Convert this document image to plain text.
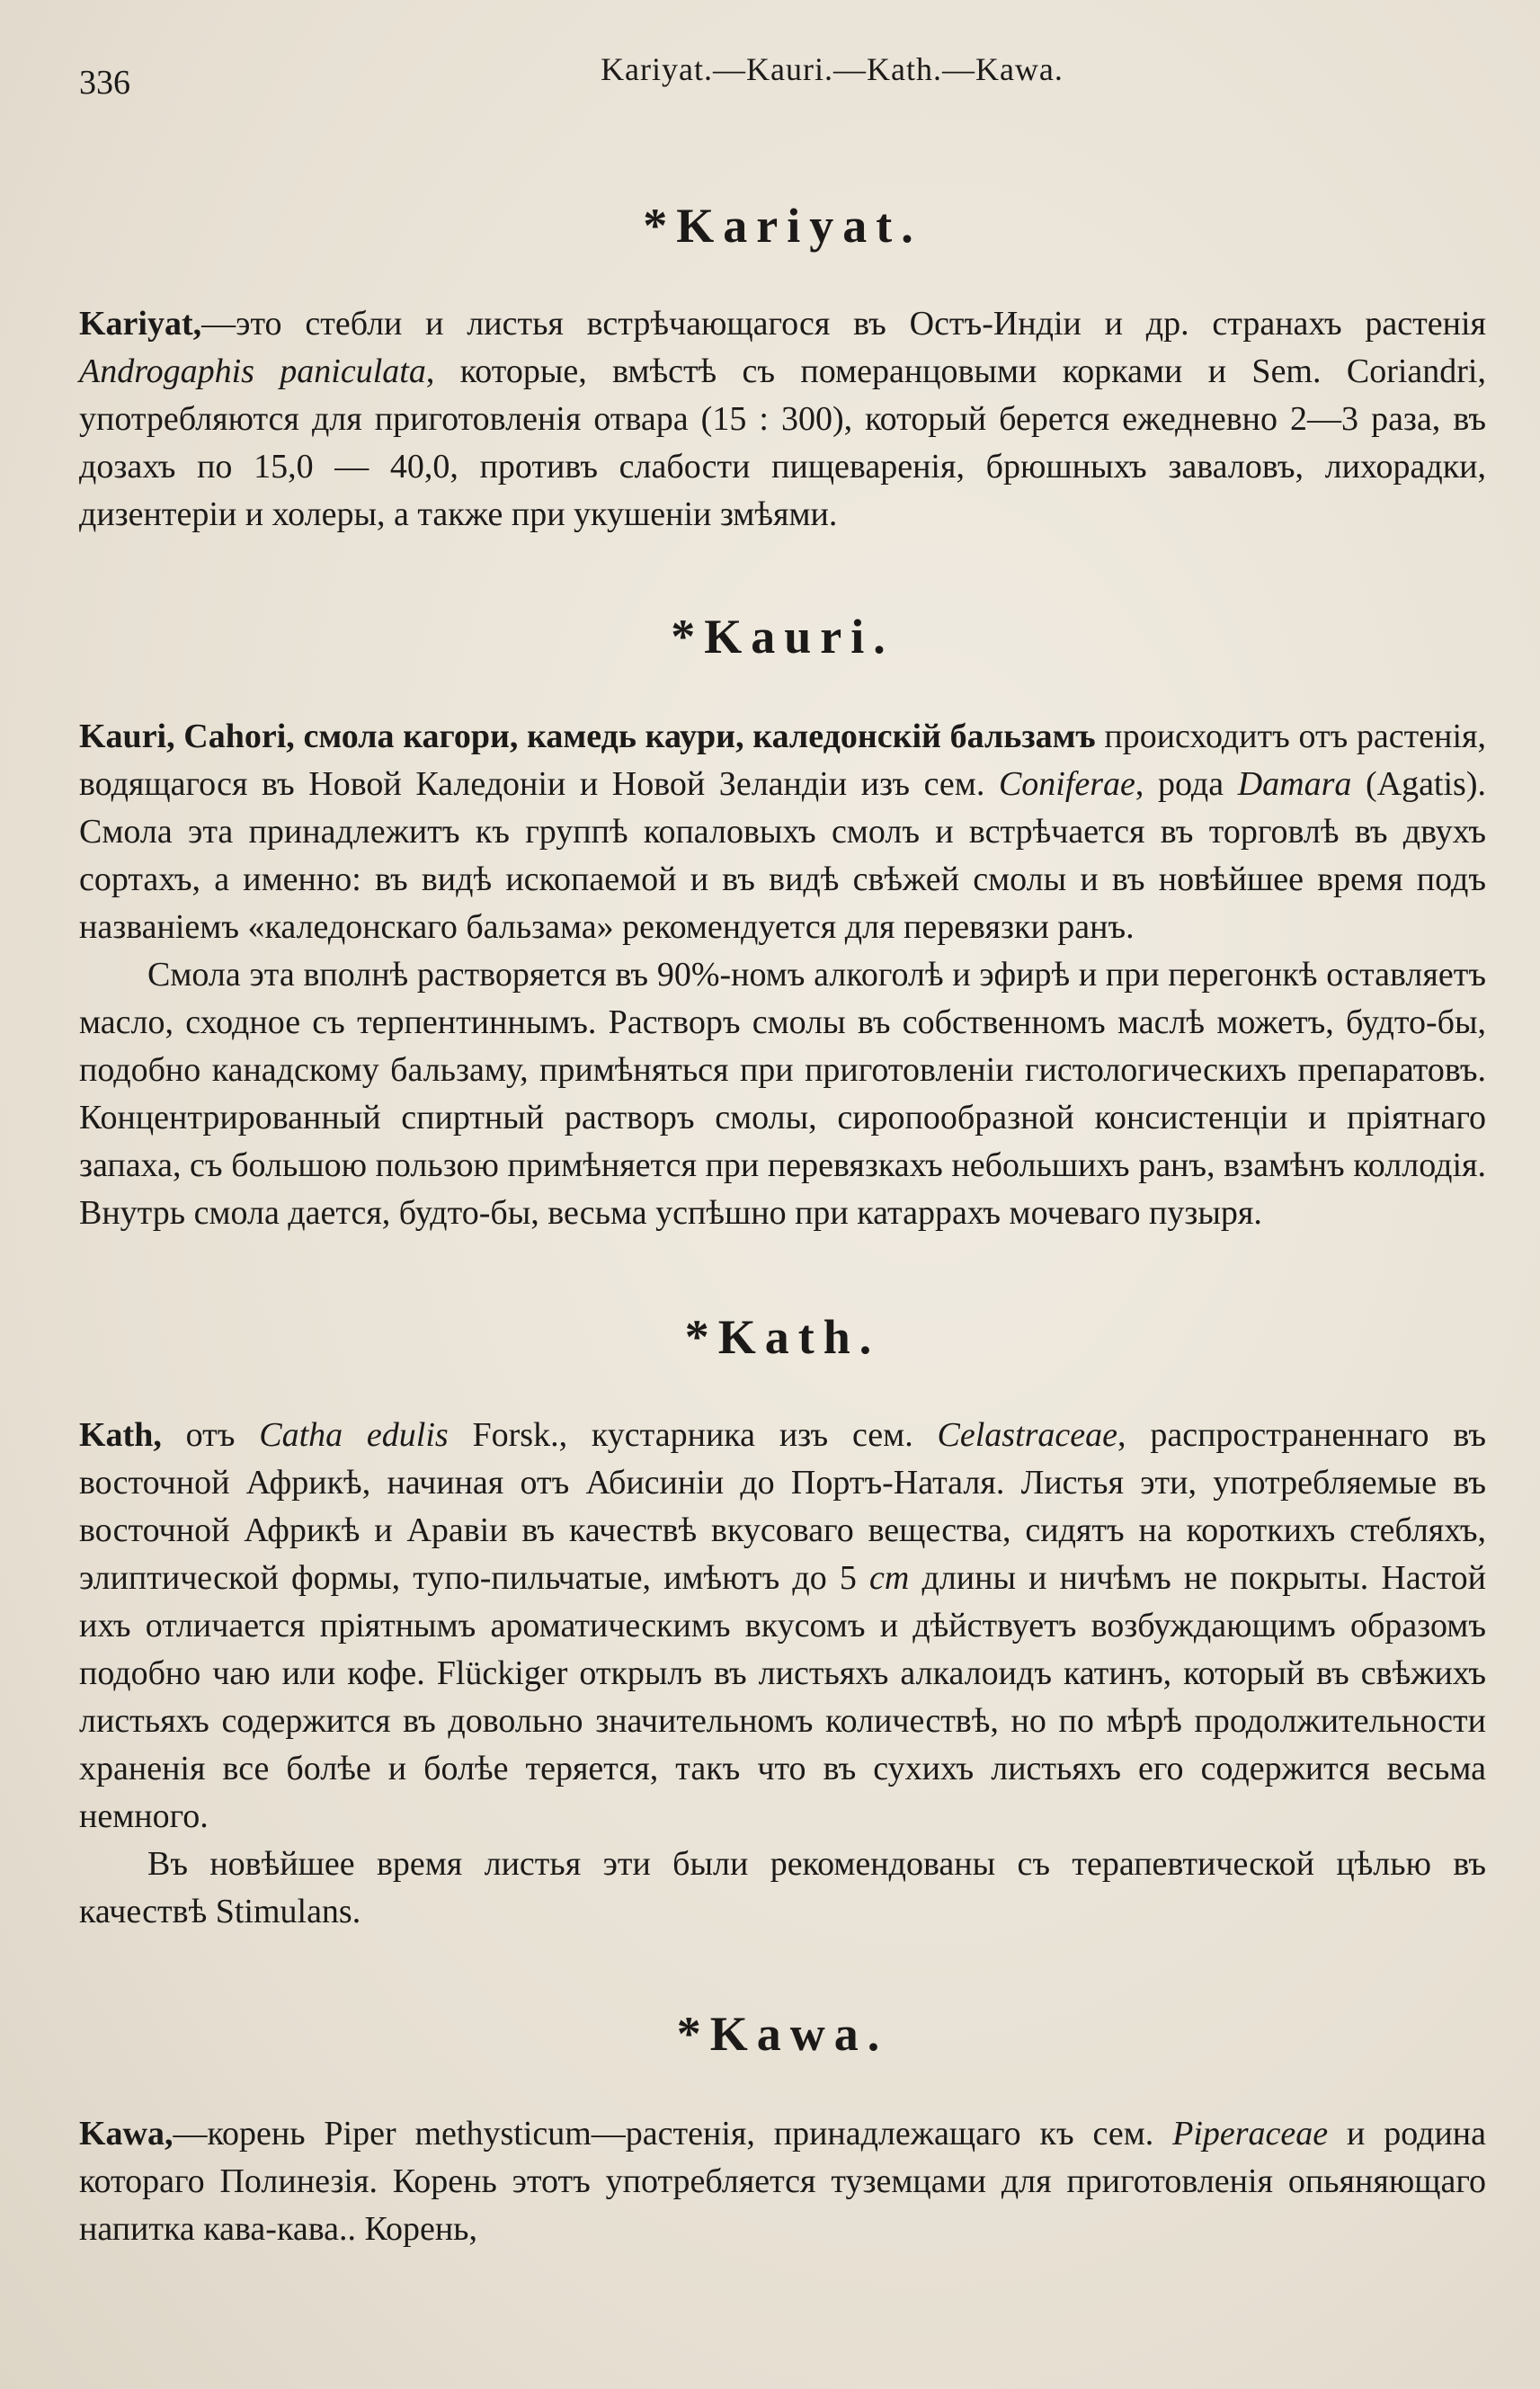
336	Kariyat.—Kauri.—Kath.—Kawa.
*Kariyat.

Kariyat,—это стебли и листья встрѣчающагося въ Остъ-Индіи и др. странахъ растенія Androgaphis paniculata, которые, вмѣстѣ съ померанцовыми корками и Sem. Coriandri, употребляются для приготовленія отвара (15 : 300), который берется ежедневно 2—3 раза, въ дозахъ по 15,0 — 40,0, противъ слабости пищеваренія, брюшныхъ заваловъ, лихорадки, дизентеріи и холеры, а также при укушеніи змѣями.

*Kauri.

Kauri, Cahori, смола кагори, камедь каури, каледонскій бальзамъ происходитъ отъ растенія, водящагося въ Новой Каледоніи и Новой Зеландіи изъ сем. Coniferae, рода Damara (Agatis). Смола эта принадлежитъ къ группѣ копаловыхъ смолъ и встрѣчается въ торговлѣ въ двухъ сортахъ, а именно: въ видѣ ископаемой и въ видѣ свѣжей смолы и въ новѣйшее время подъ названіемъ «каледонскаго бальзама» рекомендуется для перевязки ранъ.

Смола эта вполнѣ растворяется въ 90%-номъ алкоголѣ и эфирѣ и при перегонкѣ оставляетъ масло, сходное съ терпентиннымъ. Растворъ смолы въ собственномъ маслѣ можетъ, будто-бы, подобно канадскому бальзаму, примѣняться при приготовленіи гистологическихъ препаратовъ. Концентрированный спиртный растворъ смолы, сиропообразной консистенціи и пріятнаго запаха, съ большою пользою примѣняется при перевязкахъ небольшихъ ранъ, взамѣнъ коллодія. Внутрь смола дается, будто-бы, весьма успѣшно при катаррахъ мочеваго пузыря.

*Kath.

Kath, отъ Catha edulis Forsk., кустарника изъ сем. Celastraceae, распространеннаго въ восточной Африкѣ, начиная отъ Абисиніи до Портъ-Наталя. Листья эти, употребляемые въ восточной Африкѣ и Аравіи въ качествѣ вкусоваго вещества, сидятъ на короткихъ стебляхъ, элиптической формы, тупо-пильчатые, имѣютъ до 5 cm длины и ничѣмъ не покрыты. Настой ихъ отличается пріятнымъ ароматическимъ вкусомъ и дѣйствуетъ возбуждающимъ образомъ подобно чаю или кофе. Flückiger открылъ въ листьяхъ алкалоидъ катинъ, который въ свѣжихъ листьяхъ содержится въ довольно значительномъ количествѣ, но по мѣрѣ продолжительности храненія все болѣе и болѣе теряется, такъ что въ сухихъ листьяхъ его содержится весьма немного.

Въ новѣйшее время листья эти были рекомендованы съ терапевтической цѣлью въ качествѣ Stimulans.

*Kawa.

Kawa,—корень Piper methysticum—растенія, принадлежащаго къ сем. Piperaceae и родина котораго Полинезія. Корень этотъ употребляется туземцами для приготовленія опьяняющаго напитка кава-кава.. Корень,
